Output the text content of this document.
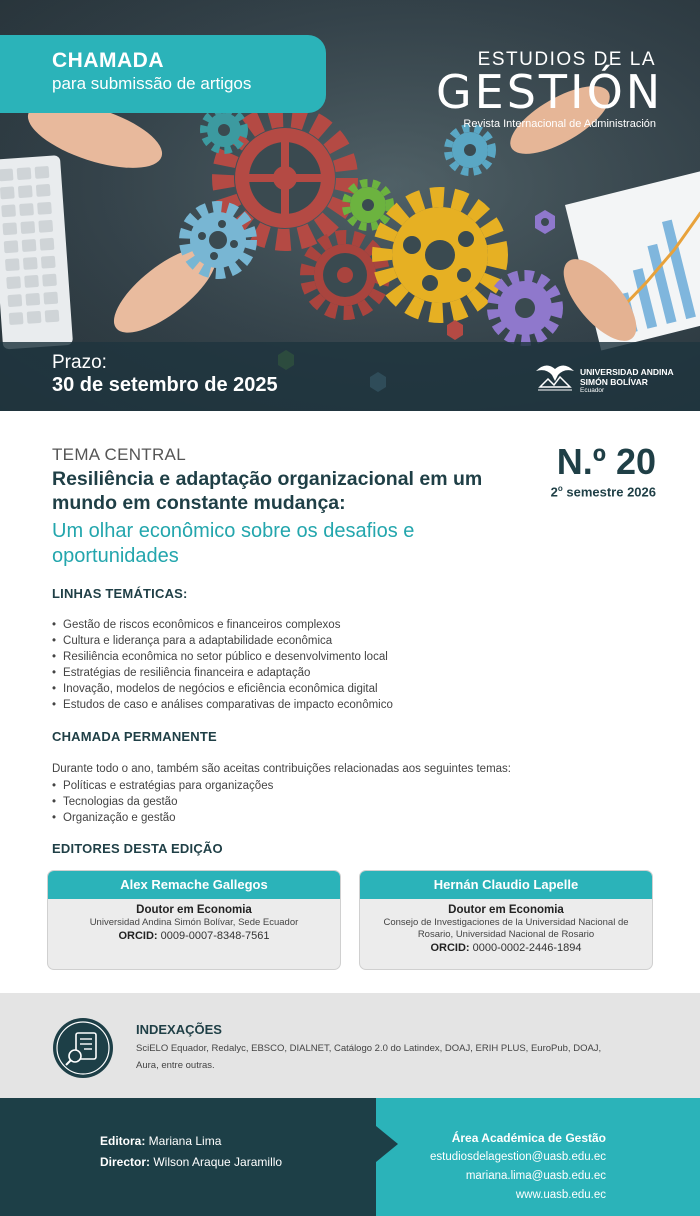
CHAMADA
para submissão de artigos
ESTUDIOS DE LA
GESTIÓN
Revista Internacional de Administración
Prazo:
30 de setembro de 2025
UNIVERSIDAD ANDINA
SIMÓN BOLÍVAR
Ecuador
TEMA CENTRAL
Resiliência e adaptação organizacional em um mundo em constante mudança:
Um olhar econômico sobre os desafios e oportunidades
N.º 20
2$^o$ semestre 2026
LINHAS TEMÁTICAS:
• Gestão de riscos econômicos e financeiros complexos
• Cultura e liderança para a adaptabilidade econômica
• Resiliência econômica no setor público e desenvolvimento local
• Estratégias de resiliência financeira e adaptação
• Inovação, modelos de negócios e eficiência econômica digital
• Estudos de caso e análises comparativas de impacto econômico
CHAMADA PERMANENTE
Durante todo o ano, também são aceitas contribuições relacionadas aos seguintes temas:
• Políticas e estratégias para organizações
• Tecnologias da gestão
• Organização e gestão
EDITORES DESTA EDIÇÃO
Alex Remache Gallegos
Doutor em Economia
Universidad Andina Simón Bolívar, Sede Ecuador
ORCID: 0009-0007-8348-7561
Hernán Claudio Lapelle
Doutor em Economia
Consejo de Investigaciones de la Universidad Nacional de Rosario, Universidad Nacional de Rosario
ORCID: 0000-0002-2446-1894
INDEXAÇÕES
SciELO Equador, Redalyc, EBSCO, DIALNET, Catálogo 2.0 do Latindex, DOAJ, ERIH PLUS, EuroPub, DOAJ, Aura, entre outras.
Editora: Mariana Lima
Director: Wilson Araque Jaramillo
Área Académica de Gestão
estudiosdelagestion@uasb.edu.ec
mariana.lima@uasb.edu.ec
www.uasb.edu.ec
